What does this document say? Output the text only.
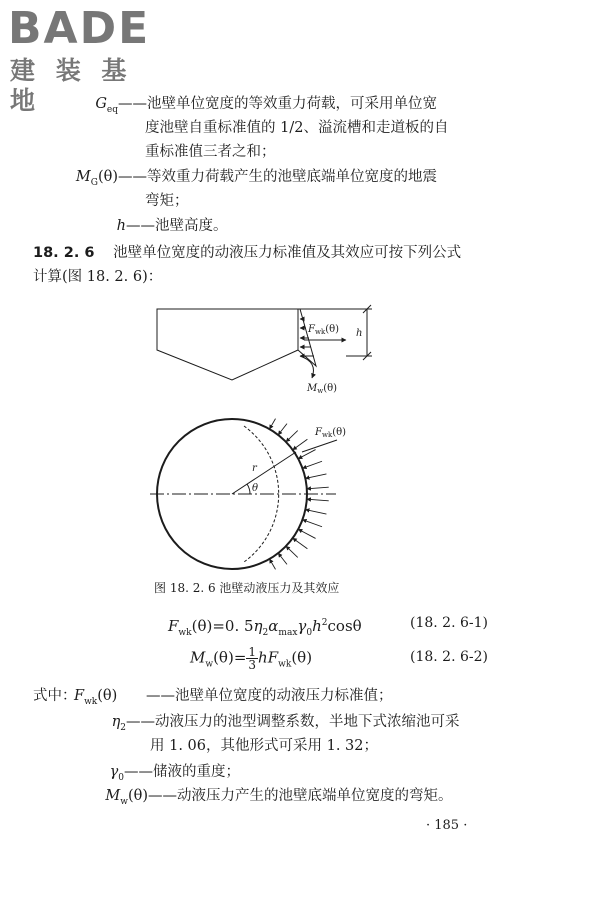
BADE
建 装 基 地	$G_{eq}$ ——池壁单位宽度的等效重力荷载，可采用单位宽
度池壁自重标准值的 1/2、溢流槽和走道板的自
重标准值三者之和；
$M_G(\theta)$ ——等效重力荷载产生的池壁底端单位宽度的地震
弯矩；
h ——池壁高度。
18. 2. 6 池壁单位宽度的动液压力标准值及其效应可按下列公式
计算(图 18. 2. 6)：
$F_{wk}(\theta)$
$M_w(\theta)$
h
$F_{wk}(\theta)$
r
θ
图 18. 2. 6 池壁动液压力及其效应
$F_{wk}(\theta)=0$. $5\eta_2\alpha_{max}\gamma_0h^2\cos\theta$	(18. 2. 6-1)
$M_w(\theta)= \frac{1}{3} hF_{wk}(\theta)$	(18. 2. 6-2)
式中：
$F_{wk}(\theta)$	——池壁单位宽度的动液压力标准值；
$\eta_2$ ——动液压力的池型调整系数，半地下式浓缩池可采
用 1. 06，其他形式可采用 1. 32；
$\gamma_0$ ——储液的重度；
$M_w(\theta)$ ——动液压力产生的池壁底端单位宽度的弯矩。
· 185 ·
